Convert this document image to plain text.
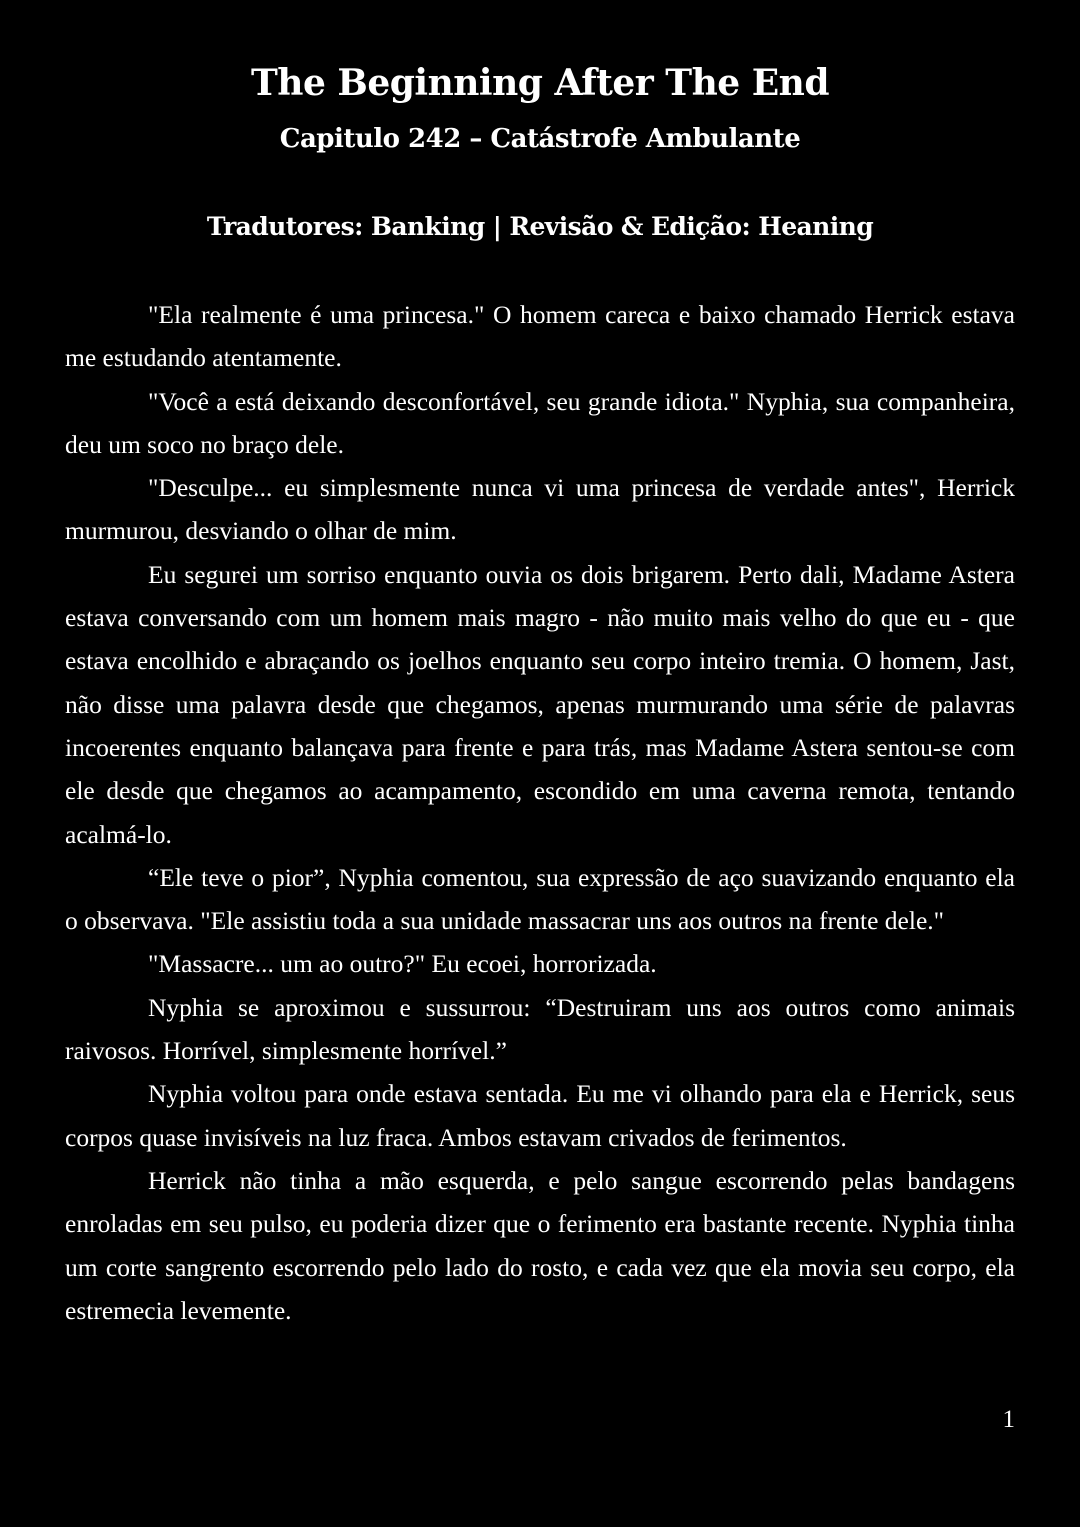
The Beginning After The End
Capitulo 242 – Catástrofe Ambulante
Tradutores: Banking | Revisão & Edição: Heaning

"Ela realmente é uma princesa." O homem careca e baixo chamado Herrick estava me estudando atentamente.

"Você a está deixando desconfortável, seu grande idiota." Nyphia, sua companheira, deu um soco no braço dele.

"Desculpe... eu simplesmente nunca vi uma princesa de verdade antes", Herrick murmurou, desviando o olhar de mim.

Eu segurei um sorriso enquanto ouvia os dois brigarem. Perto dali, Madame Astera estava conversando com um homem mais magro - não muito mais velho do que eu - que estava encolhido e abraçando os joelhos enquanto seu corpo inteiro tremia. O homem, Jast, não disse uma palavra desde que chegamos, apenas murmurando uma série de palavras incoerentes enquanto balançava para frente e para trás, mas Madame Astera sentou-se com ele desde que chegamos ao acampamento, escondido em uma caverna remota, tentando acalmá-lo.

“Ele teve o pior”, Nyphia comentou, sua expressão de aço suavizando enquanto ela o observava. "Ele assistiu toda a sua unidade massacrar uns aos outros na frente dele."

"Massacre... um ao outro?" Eu ecoei, horrorizada.

Nyphia se aproximou e sussurrou: “Destruiram uns aos outros como animais raivosos. Horrível, simplesmente horrível.”

Nyphia voltou para onde estava sentada. Eu me vi olhando para ela e Herrick, seus corpos quase invisíveis na luz fraca. Ambos estavam crivados de ferimentos.

Herrick não tinha a mão esquerda, e pelo sangue escorrendo pelas bandagens enroladas em seu pulso, eu poderia dizer que o ferimento era bastante recente. Nyphia tinha um corte sangrento escorrendo pelo lado do rosto, e cada vez que ela movia seu corpo, ela estremecia levemente.

1
